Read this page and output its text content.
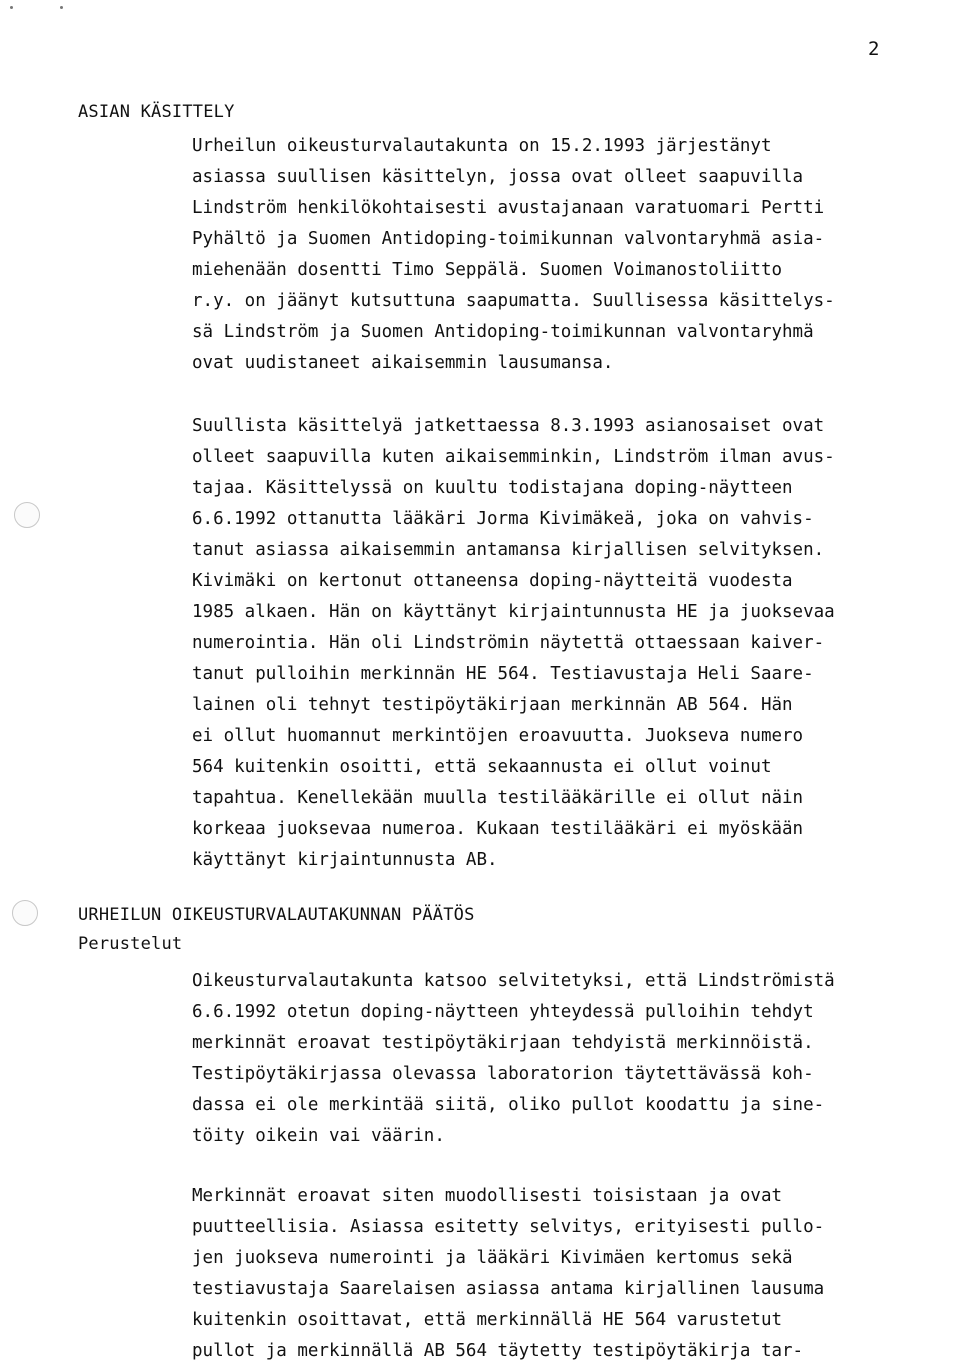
2
ASIAN KÄSITTELY
Urheilun oikeusturvalautakunta on 15.2.1993 järjestänyt
asiassa suullisen käsittelyn, jossa ovat olleet saapuvilla
Lindström henkilökohtaisesti avustajanaan varatuomari Pertti
Pyhältö ja Suomen Antidoping-toimikunnan valvontaryhmä asia-
miehenään dosentti Timo Seppälä. Suomen Voimanostoliitto
r.y. on jäänyt kutsuttuna saapumatta. Suullisessa käsittelys-
sä Lindström ja Suomen Antidoping-toimikunnan valvontaryhmä
ovat uudistaneet aikaisemmin lausumansa.
Suullista käsittelyä jatkettaessa 8.3.1993 asianosaiset ovat
olleet saapuvilla kuten aikaisemminkin, Lindström ilman avus-
tajaa. Käsittelyssä on kuultu todistajana doping-näytteen
6.6.1992 ottanutta lääkäri Jorma Kivimäkeä, joka on vahvis-
tanut asiassa aikaisemmin antamansa kirjallisen selvityksen.
Kivimäki on kertonut ottaneensa doping-näytteitä vuodesta
1985 alkaen. Hän on käyttänyt kirjaintunnusta HE ja juoksevaa
numerointia. Hän oli Lindströmin näytettä ottaessaan kaiver-
tanut pulloihin merkinnän HE 564. Testiavustaja Heli Saare-
lainen oli tehnyt testipöytäkirjaan merkinnän AB 564. Hän
ei ollut huomannut merkintöjen eroavuutta. Juokseva numero
564 kuitenkin osoitti, että sekaannusta ei ollut voinut
tapahtua. Kenellekään muulla testilääkärille ei ollut näin
korkeaa juoksevaa numeroa. Kukaan testilääkäri ei myöskään
käyttänyt kirjaintunnusta AB.
URHEILUN OIKEUSTURVALAUTAKUNNAN PÄÄTÖS
Perustelut
Oikeusturvalautakunta katsoo selvitetyksi, että Lindströmistä
6.6.1992 otetun doping-näytteen yhteydessä pulloihin tehdyt
merkinnät eroavat testipöytäkirjaan tehdyistä merkinnöistä.
Testipöytäkirjassa olevassa laboratorion täytettävässä koh-
dassa ei ole merkintää siitä, oliko pullot koodattu ja sine-
töity oikein vai väärin.
Merkinnät eroavat siten muodollisesti toisistaan ja ovat
puutteellisia. Asiassa esitetty selvitys, erityisesti pullo-
jen juokseva numerointi ja lääkäri Kivimäen kertomus sekä
testiavustaja Saarelaisen asiassa antama kirjallinen lausuma
kuitenkin osoittavat, että merkinnällä HE 564 varustetut
pullot ja merkinnällä AB 564 täytetty testipöytäkirja tar-
